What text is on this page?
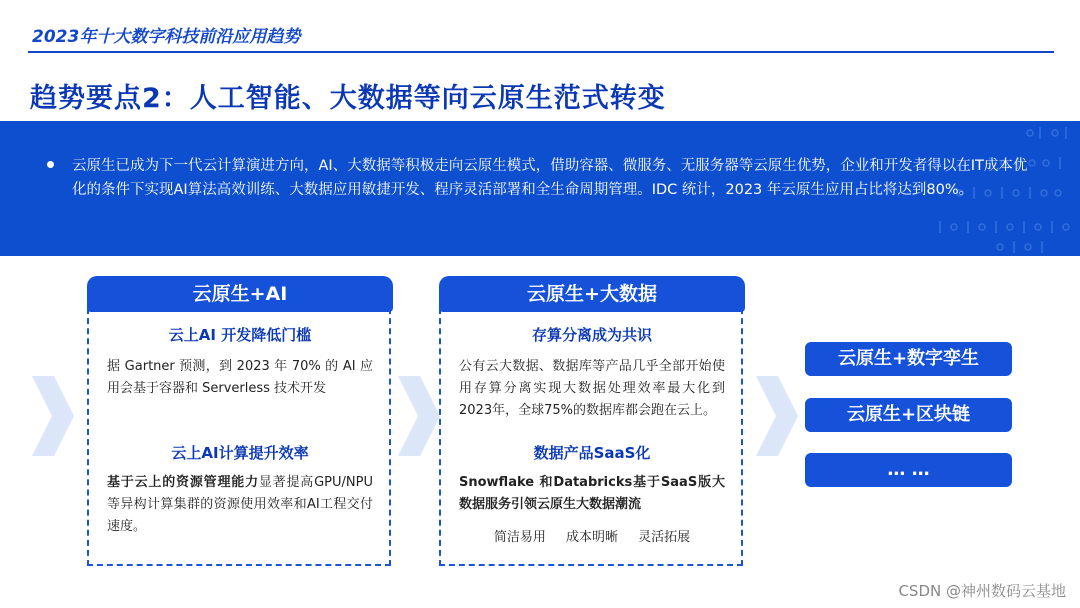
2023年十大数字科技前沿应用趋势
趋势要点2：人工智能、大数据等向云原生范式转变
云原生已成为下一代云计算演进方向，AI、大数据等积极走向云原生模式，借助容器、微服务、无服务器等云原生优势，企业和开发者得以在IT成本优化的条件下实现AI算法高效训练、大数据应用敏捷开发、程序灵活部署和全生命周期管理。IDC 统计，2023 年云原生应用占比将达到80%。
云原生+AI
云上AI 开发降低门槛
据 Gartner 预测，到 2023 年 70% 的 AI 应用会基于容器和 Serverless 技术开发
云上AI计算提升效率
基于云上的资源管理能力显著提高GPU/NPU等异构计算集群的资源使用效率和AI工程交付速度。
云原生+大数据
存算分离成为共识
公有云大数据、数据库等产品几乎全部开始使用存算分离实现大数据处理效率最大化到2023年，全球75%的数据库都会跑在云上。
数据产品SaaS化
Snowflake 和Databricks基于SaaS版大数据服务引领云原生大数据潮流
简洁易用 成本明晰 灵活拓展
云原生+数字孪生
云原生+区块链
… …
CSDN @神州数码云基地
